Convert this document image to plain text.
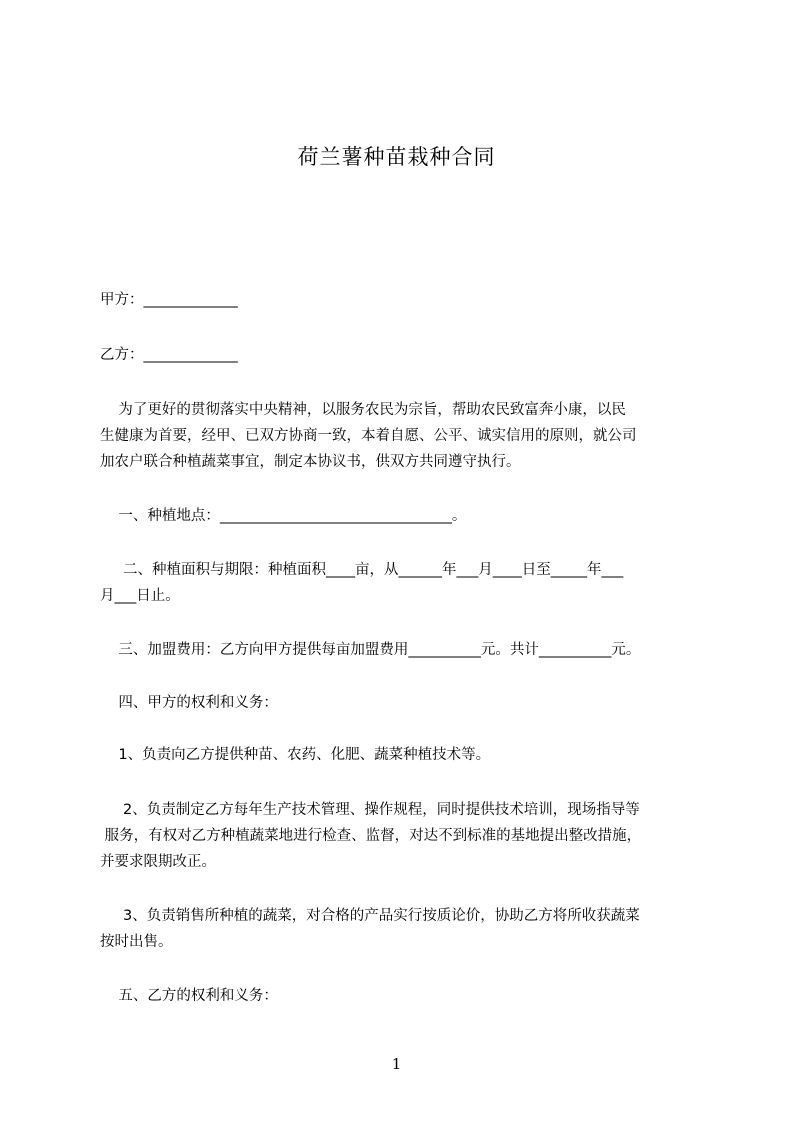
荷兰薯种苗栽种合同
甲方：_____________
乙方：_____________
为了更好的贯彻落实中央精神，以服务农民为宗旨，帮助农民致富奔小康，以民
生健康为首要，经甲、已双方协商一致，本着自愿、公平、诚实信用的原则，就公司
加农户联合种植蔬菜事宜，制定本协议书，供双方共同遵守执行。
一、种植地点：________________________________。
二、种植面积与期限：种植面积____亩，从______年___月____日至_____年___
月___日止。
三、加盟费用：乙方向甲方提供每亩加盟费用__________元。共计__________元。
四、甲方的权利和义务：
1、负责向乙方提供种苗、农药、化肥、蔬菜种植技术等。
2、负责制定乙方每年生产技术管理、操作规程，同时提供技术培训，现场指导等
服务，有权对乙方种植蔬菜地进行检查、监督，对达不到标准的基地提出整改措施，
并要求限期改正。
3、负责销售所种植的蔬菜，对合格的产品实行按质论价，协助乙方将所收获蔬菜
按时出售。
五、乙方的权利和义务：
1
